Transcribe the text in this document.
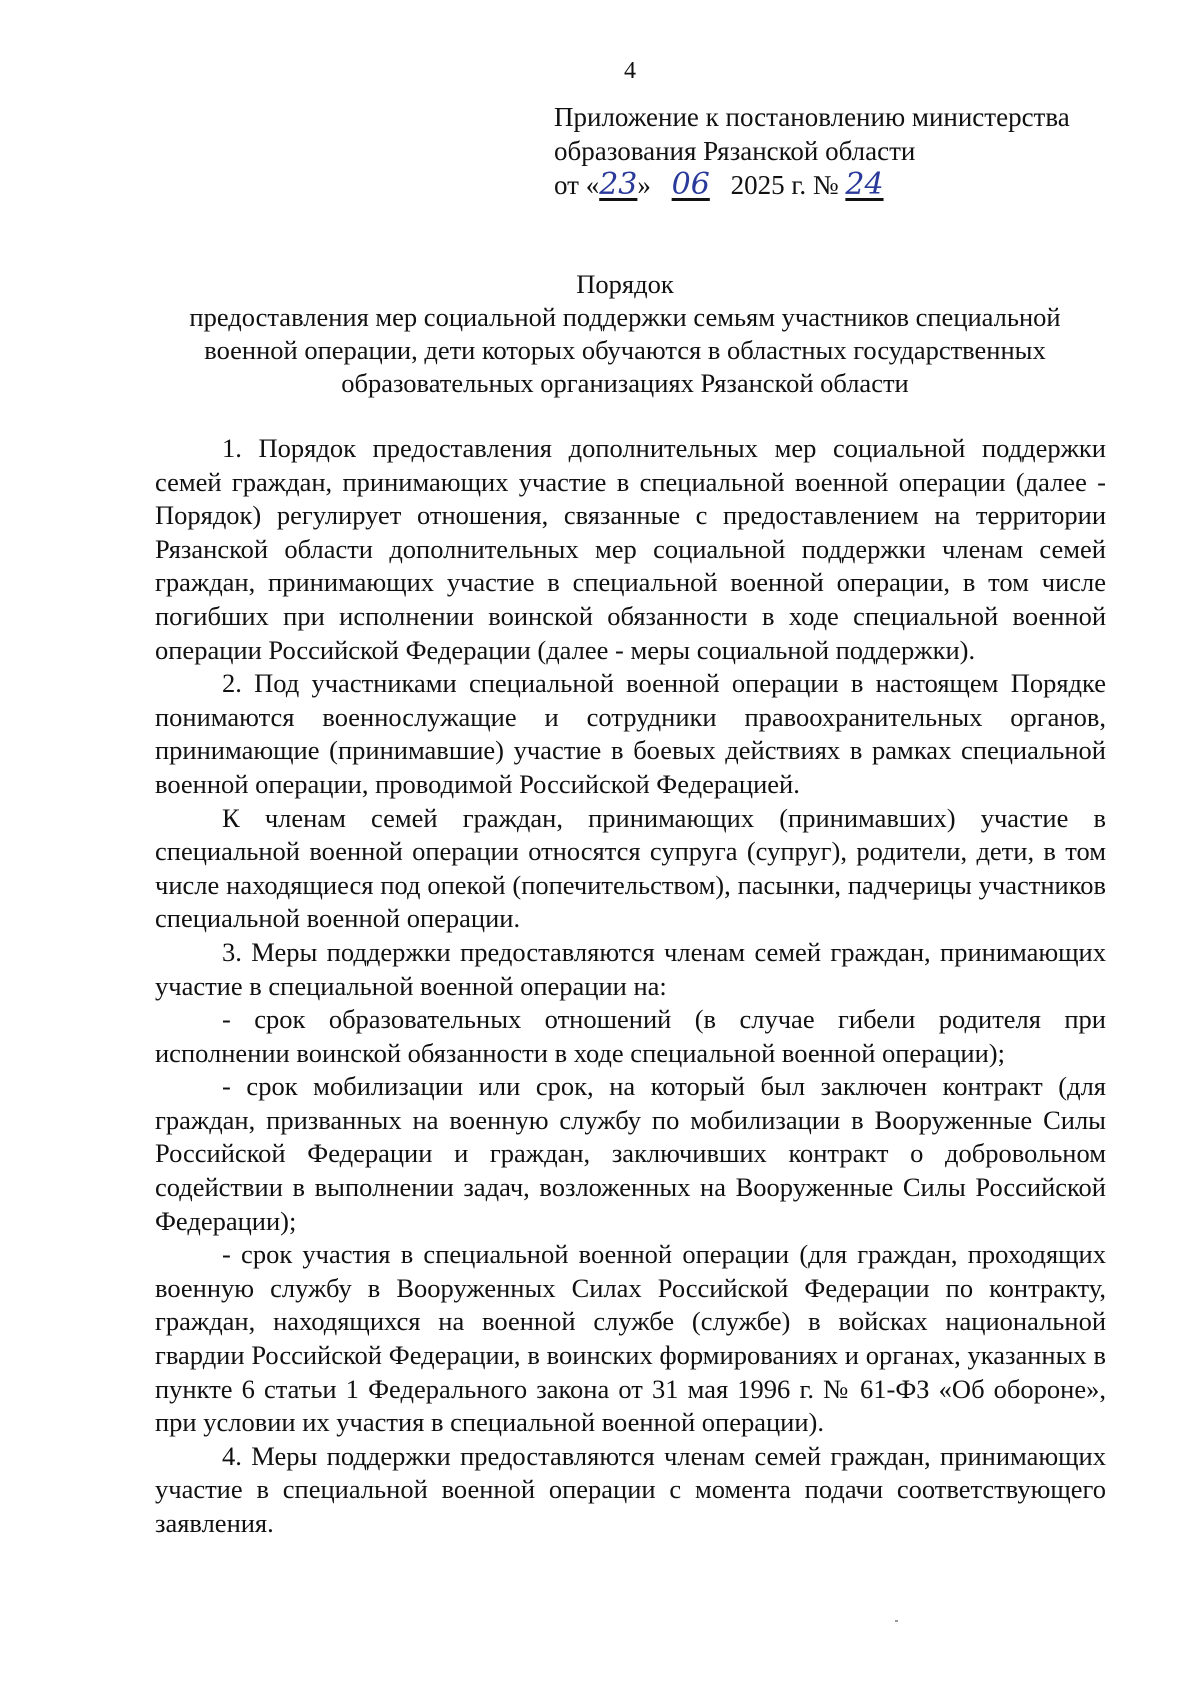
4
Приложение к постановлению министерства
образования Рязанской области
от «23» 06 2025 г. № 24
Порядок
предоставления мер социальной поддержки семьям участников специальной
военной операции, дети которых обучаются в областных государственных
образовательных организациях Рязанской области

1. Порядок предоставления дополнительных мер социальной поддержки семей граждан, принимающих участие в специальной военной операции (далее - Порядок) регулирует отношения, связанные с предоставлением на территории Рязанской области дополнительных мер социальной поддержки членам семей граждан, принимающих участие в специальной военной операции, в том числе погибших при исполнении воинской обязанности в ходе специальной военной операции Российской Федерации (далее - меры социальной поддержки).

2. Под участниками специальной военной операции в настоящем Порядке понимаются военнослужащие и сотрудники правоохранительных органов, принимающие (принимавшие) участие в боевых действиях в рамках специальной военной операции, проводимой Российской Федерацией.

К членам семей граждан, принимающих (принимавших) участие в специальной военной операции относятся супруга (супруг), родители, дети, в том числе находящиеся под опекой (попечительством), пасынки, падчерицы участников специальной военной операции.

3. Меры поддержки предоставляются членам семей граждан, принимающих участие в специальной военной операции на:

- срок образовательных отношений (в случае гибели родителя при исполнении воинской обязанности в ходе специальной военной операции);

- срок мобилизации или срок, на который был заключен контракт (для граждан, призванных на военную службу по мобилизации в Вооруженные Силы Российской Федерации и граждан, заключивших контракт о добровольном содействии в выполнении задач, возложенных на Вооруженные Силы Российской Федерации);

- срок участия в специальной военной операции (для граждан, проходящих военную службу в Вооруженных Силах Российской Федерации по контракту, граждан, находящихся на военной службе (службе) в войсках национальной гвардии Российской Федерации, в воинских формированиях и органах, указанных в пункте 6 статьи 1 Федерального закона от 31 мая 1996 г. № 61-ФЗ «Об обороне», при условии их участия в специальной военной операции).

4. Меры поддержки предоставляются членам семей граждан, принимающих участие в специальной военной операции с момента подачи соответствующего заявления.
